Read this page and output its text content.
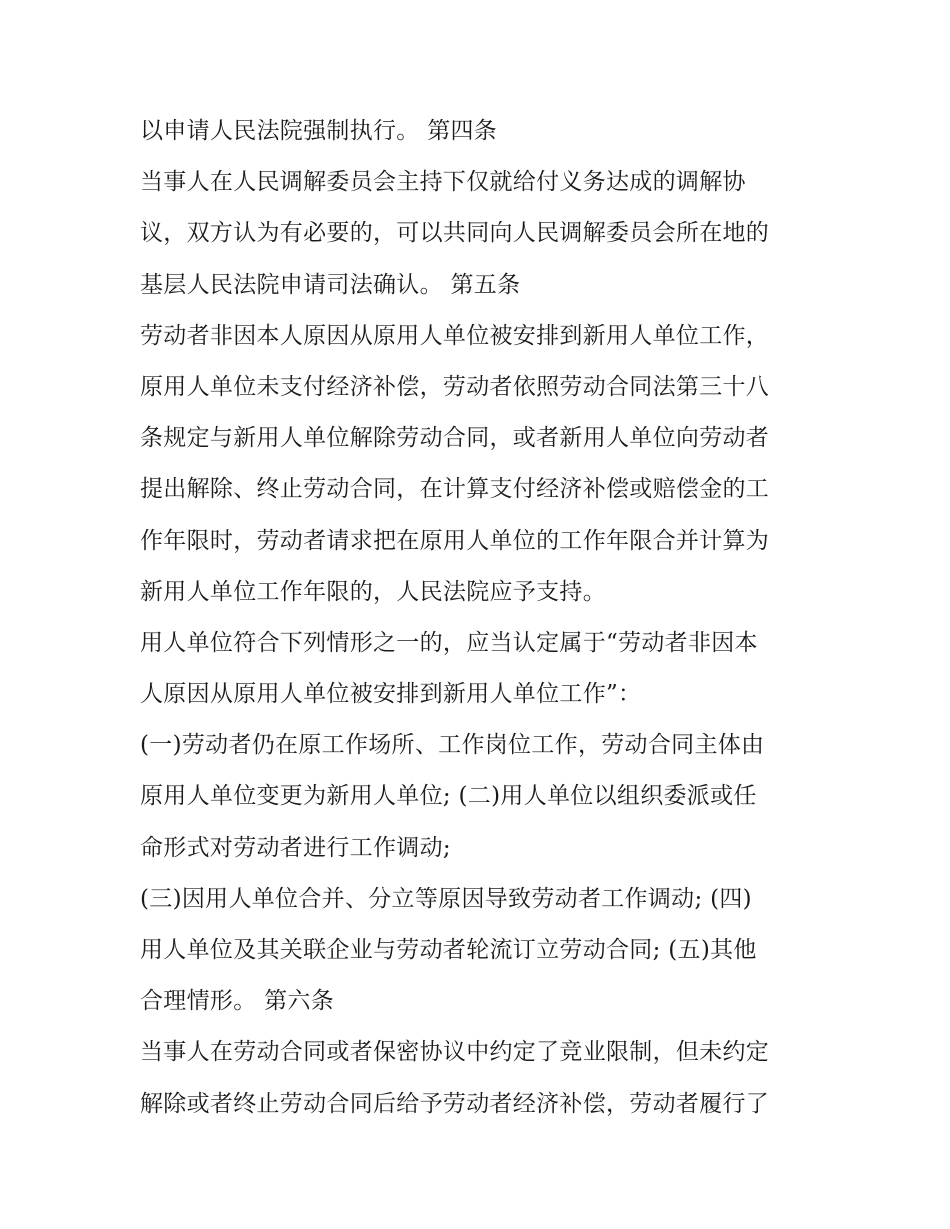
以申请人民法院强制执行。 第四条
当事人在人民调解委员会主持下仅就给付义务达成的调解协
议，双方认为有必要的，可以共同向人民调解委员会所在地的
基层人民法院申请司法确认。 第五条
劳动者非因本人原因从原用人单位被安排到新用人单位工作，
原用人单位未支付经济补偿，劳动者依照劳动合同法第三十八
条规定与新用人单位解除劳动合同，或者新用人单位向劳动者
提出解除、终止劳动合同，在计算支付经济补偿或赔偿金的工
作年限时，劳动者请求把在原用人单位的工作年限合并计算为
新用人单位工作年限的，人民法院应予支持。
用人单位符合下列情形之一的，应当认定属于“劳动者非因本
人原因从原用人单位被安排到新用人单位工作”：
(一)劳动者仍在原工作场所、工作岗位工作，劳动合同主体由
原用人单位变更为新用人单位; (二)用人单位以组织委派或任
命形式对劳动者进行工作调动;
(三)因用人单位合并、分立等原因导致劳动者工作调动; (四)
用人单位及其关联企业与劳动者轮流订立劳动合同; (五)其他
合理情形。 第六条
当事人在劳动合同或者保密协议中约定了竞业限制，但未约定
解除或者终止劳动合同后给予劳动者经济补偿，劳动者履行了
